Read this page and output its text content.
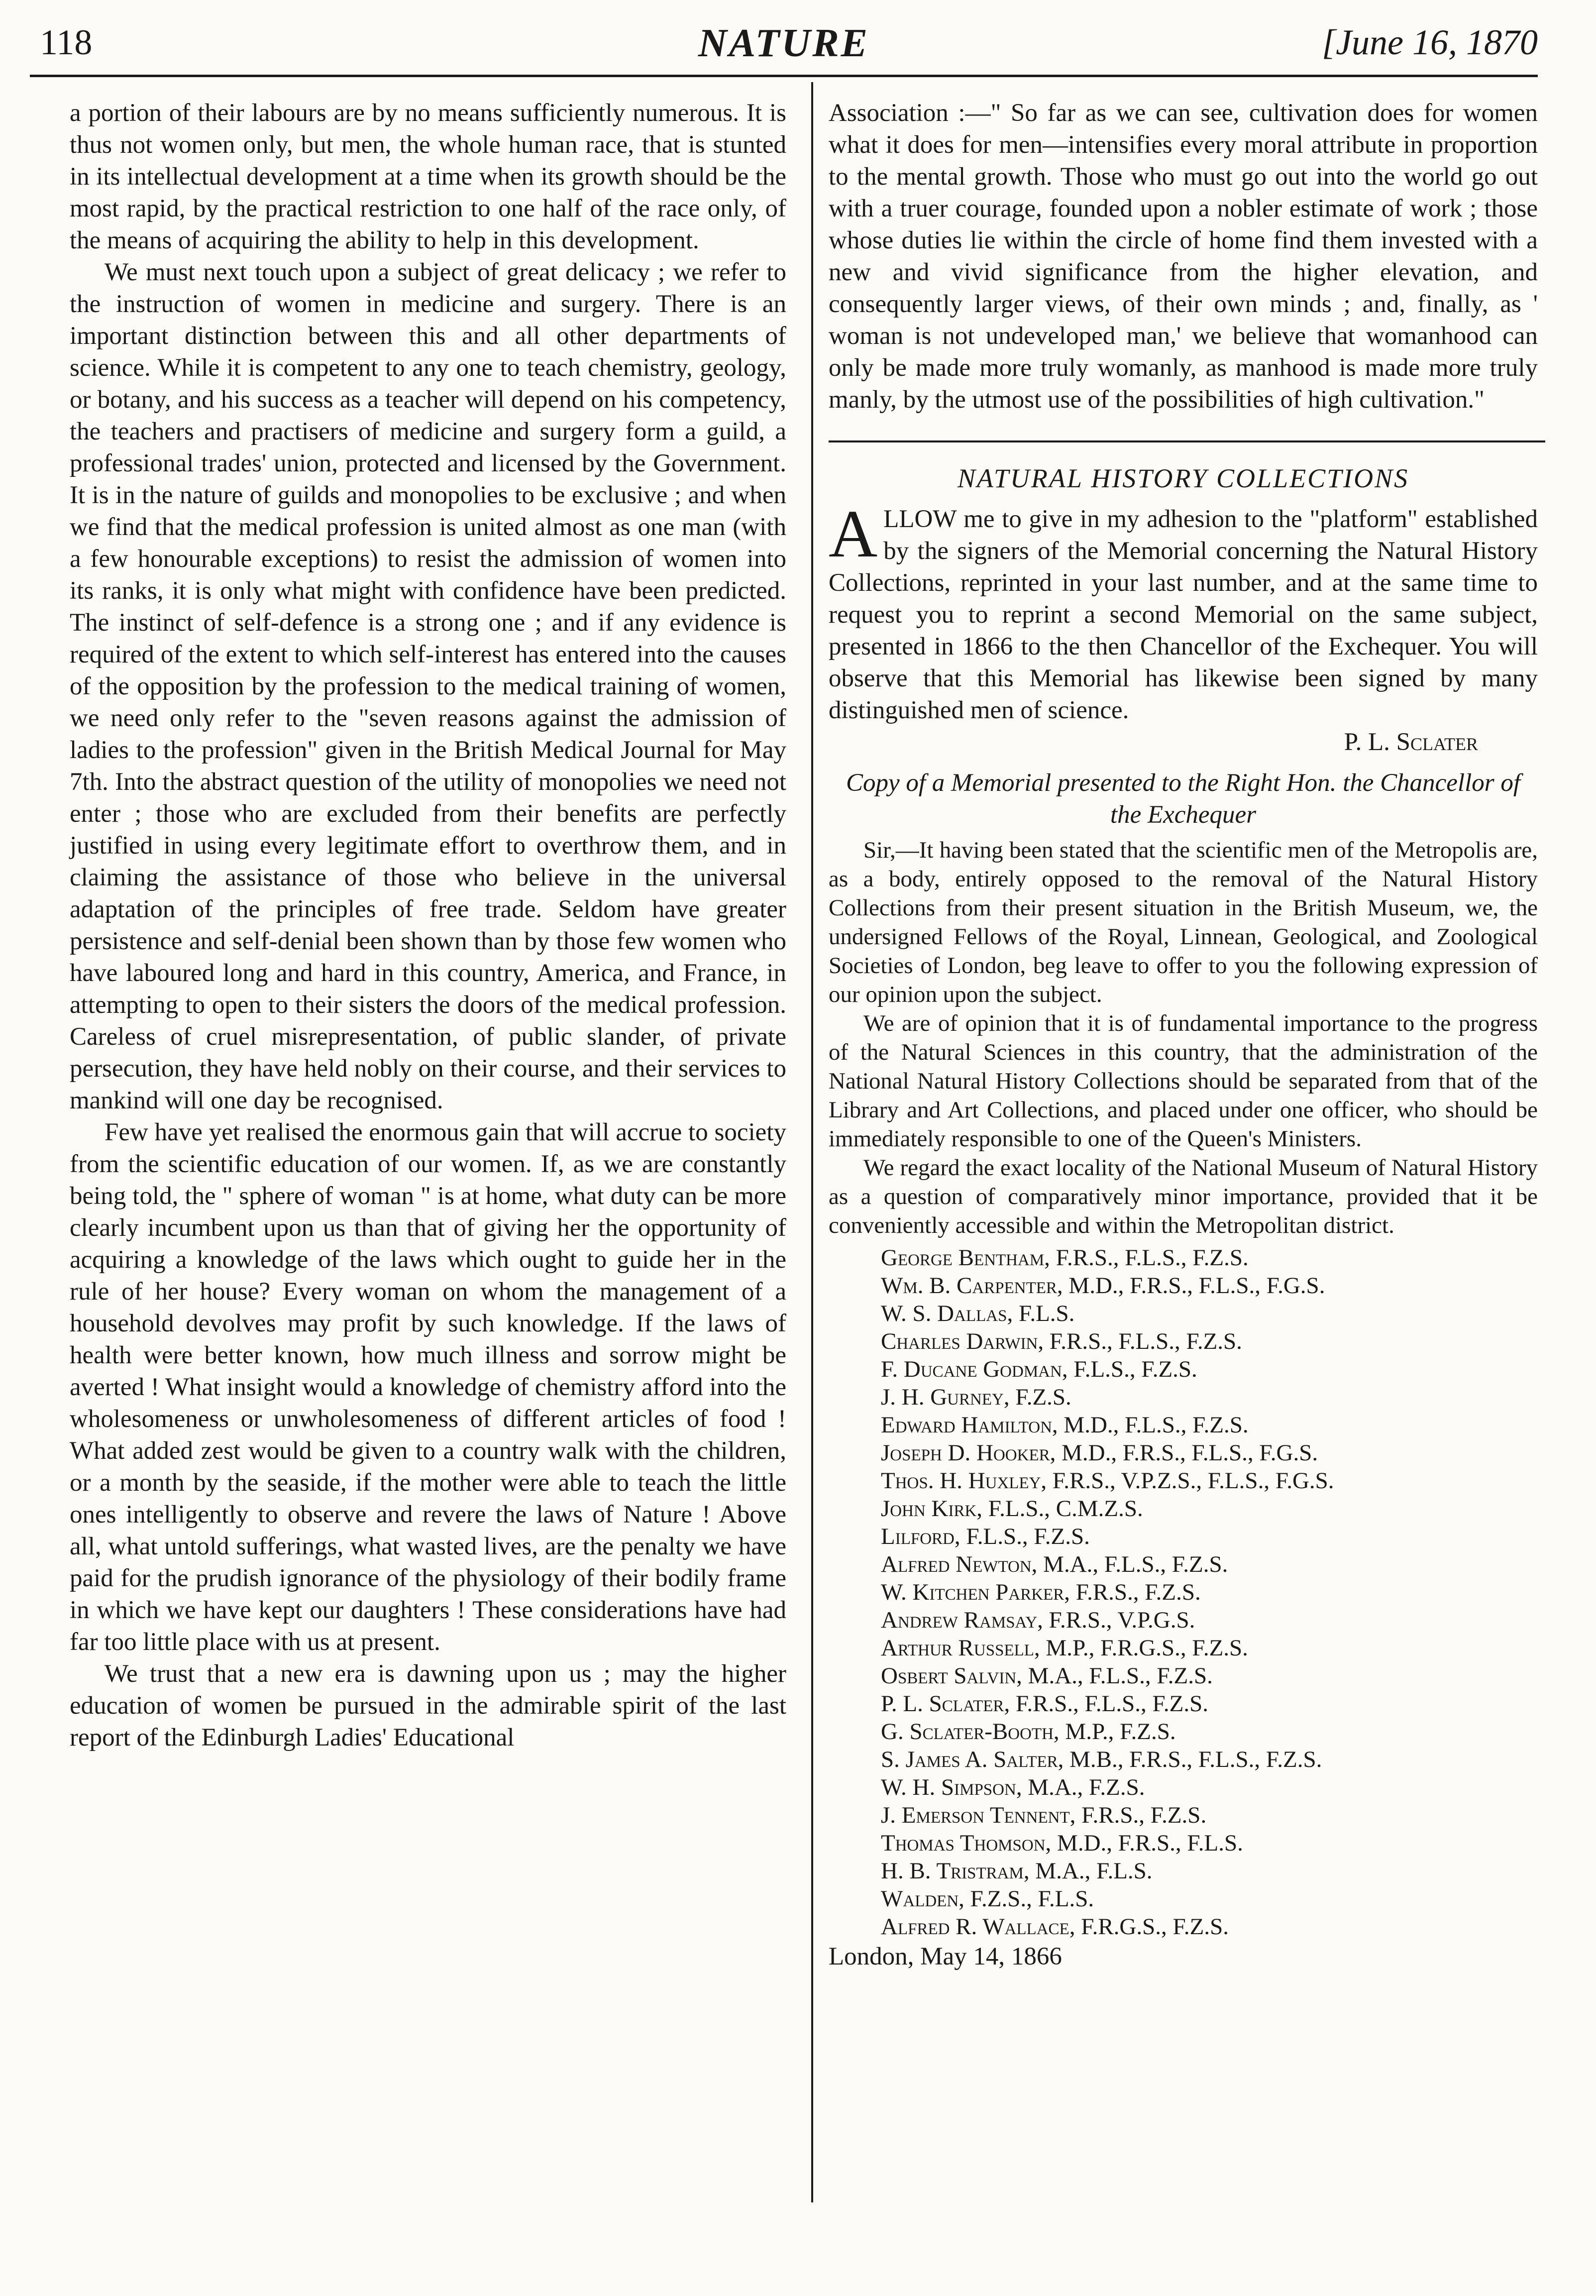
118	NATURE	[June 16, 1870

a portion of their labours are by no means sufficiently numerous. It is thus not women only, but men, the whole human race, that is stunted in its intellectual development at a time when its growth should be the most rapid, by the practical restriction to one half of the race only, of the means of acquiring the ability to help in this development.

We must next touch upon a subject of great delicacy ; we refer to the instruction of women in medicine and surgery. There is an important distinction between this and all other departments of science. While it is competent to any one to teach chemistry, geology, or botany, and his success as a teacher will depend on his competency, the teachers and practisers of medicine and surgery form a guild, a professional trades' union, protected and licensed by the Government. It is in the nature of guilds and monopolies to be exclusive ; and when we find that the medical profession is united almost as one man (with a few honourable exceptions) to resist the admission of women into its ranks, it is only what might with confidence have been predicted. The instinct of self-defence is a strong one ; and if any evidence is required of the extent to which self-interest has entered into the causes of the opposition by the profession to the medical training of women, we need only refer to the "seven reasons against the admission of ladies to the profession" given in the British Medical Journal for May 7th. Into the abstract question of the utility of monopolies we need not enter ; those who are excluded from their benefits are perfectly justified in using every legitimate effort to overthrow them, and in claiming the assistance of those who believe in the universal adaptation of the principles of free trade. Seldom have greater persistence and self-denial been shown than by those few women who have laboured long and hard in this country, America, and France, in attempting to open to their sisters the doors of the medical profession. Careless of cruel misrepresentation, of public slander, of private persecution, they have held nobly on their course, and their services to mankind will one day be recognised.

Few have yet realised the enormous gain that will accrue to society from the scientific education of our women. If, as we are constantly being told, the " sphere of woman " is at home, what duty can be more clearly incumbent upon us than that of giving her the opportunity of acquiring a knowledge of the laws which ought to guide her in the rule of her house? Every woman on whom the management of a household devolves may profit by such knowledge. If the laws of health were better known, how much illness and sorrow might be averted ! What insight would a knowledge of chemistry afford into the wholesomeness or unwholesomeness of different articles of food ! What added zest would be given to a country walk with the children, or a month by the seaside, if the mother were able to teach the little ones intelligently to observe and revere the laws of Nature ! Above all, what untold sufferings, what wasted lives, are the penalty we have paid for the prudish ignorance of the physiology of their bodily frame in which we have kept our daughters ! These considerations have had far too little place with us at present.

We trust that a new era is dawning upon us ; may the higher education of women be pursued in the admirable spirit of the last report of the Edinburgh Ladies' Educational

Association :—" So far as we can see, cultivation does for women what it does for men—intensifies every moral attribute in proportion to the mental growth. Those who must go out into the world go out with a truer courage, founded upon a nobler estimate of work ; those whose duties lie within the circle of home find them invested with a new and vivid significance from the higher elevation, and consequently larger views, of their own minds ; and, finally, as ' woman is not undeveloped man,' we believe that womanhood can only be made more truly womanly, as manhood is made more truly manly, by the utmost use of the possibilities of high cultivation."

NATURAL HISTORY COLLECTIONS

ALLOW me to give in my adhesion to the "platform" established by the signers of the Memorial concerning the Natural History Collections, reprinted in your last number, and at the same time to request you to reprint a second Memorial on the same subject, presented in 1866 to the then Chancellor of the Exchequer. You will observe that this Memorial has likewise been signed by many distinguished men of science.

P. L. Sclater
Copy of a Memorial presented to the Right Hon. the Chancellor of the Exchequer

Sir,—It having been stated that the scientific men of the Metropolis are, as a body, entirely opposed to the removal of the Natural History Collections from their present situation in the British Museum, we, the undersigned Fellows of the Royal, Linnean, Geological, and Zoological Societies of London, beg leave to offer to you the following expression of our opinion upon the subject.

We are of opinion that it is of fundamental importance to the progress of the Natural Sciences in this country, that the administration of the National Natural History Collections should be separated from that of the Library and Art Collections, and placed under one officer, who should be immediately responsible to one of the Queen's Ministers.

We regard the exact locality of the National Museum of Natural History as a question of comparatively minor importance, provided that it be conveniently accessible and within the Metropolitan district.

George Bentham, F.R.S., F.L.S., F.Z.S.
Wm. B. Carpenter, M.D., F.R.S., F.L.S., F.G.S.
W. S. Dallas, F.L.S.
Charles Darwin, F.R.S., F.L.S., F.Z.S.
F. Ducane Godman, F.L.S., F.Z.S.
J. H. Gurney, F.Z.S.
Edward Hamilton, M.D., F.L.S., F.Z.S.
Joseph D. Hooker, M.D., F.R.S., F.L.S., F.G.S.
Thos. H. Huxley, F.R.S., V.P.Z.S., F.L.S., F.G.S.
John Kirk, F.L.S., C.M.Z.S.
Lilford, F.L.S., F.Z.S.
Alfred Newton, M.A., F.L.S., F.Z.S.
W. Kitchen Parker, F.R.S., F.Z.S.
Andrew Ramsay, F.R.S., V.P.G.S.
Arthur Russell, M.P., F.R.G.S., F.Z.S.
Osbert Salvin, M.A., F.L.S., F.Z.S.
P. L. Sclater, F.R.S., F.L.S., F.Z.S.
G. Sclater-Booth, M.P., F.Z.S.
S. James A. Salter, M.B., F.R.S., F.L.S., F.Z.S.
W. H. Simpson, M.A., F.Z.S.
J. Emerson Tennent, F.R.S., F.Z.S.
Thomas Thomson, M.D., F.R.S., F.L.S.
H. B. Tristram, M.A., F.L.S.
Walden, F.Z.S., F.L.S.
Alfred R. Wallace, F.R.G.S., F.Z.S.

London, May 14, 1866
